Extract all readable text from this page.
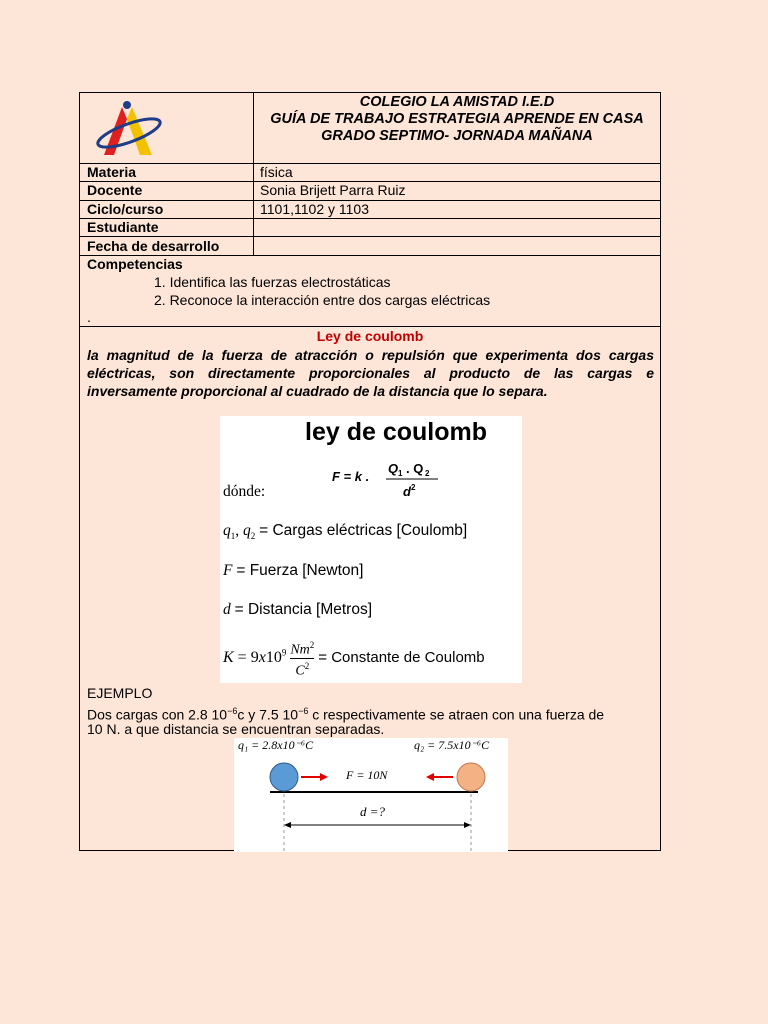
COLEGIO LA AMISTAD I.E.D
GUÍA DE TRABAJO ESTRATEGIA APRENDE EN CASA
GRADO SEPTIMO- JORNADA MAÑANA
Materia	física
Docente	Sonia Brijett Parra Ruiz
Ciclo/curso	1101,1102 y 1103
Estudiante
Fecha de desarrollo
Competencias
1. Identifica las fuerzas electrostáticas
2. Reconoce la interacción entre dos cargas eléctricas
.
Ley de coulomb
la magnitud de la fuerza de atracción o repulsión que experimenta dos cargas eléctricas, son directamente proporcionales al producto de las cargas e inversamente proporcional al cuadrado de la distancia que lo separa.
ley de coulomb
F = k .
Q 1 . Q 2
d 2
dónde:
$q_1$, $q_2$ = Cargas eléctricas [Coulomb]
F = Fuerza [Newton]
d = Distancia [Metros]
$K = 9x10^9 \frac{Nm^2}{C^2}$ = Constante de Coulomb
EJEMPLO
Dos cargas con 2.8 $10^{-6}c$ y 7.5 $10^{-6}$ c respectivamente se atraen con una fuerza de
10 N. a que distancia se encuentran separadas.
q₁ = 2.8x10⁻⁶C	q₂ = 7.5x10⁻⁶C
F = 10N
d =?
